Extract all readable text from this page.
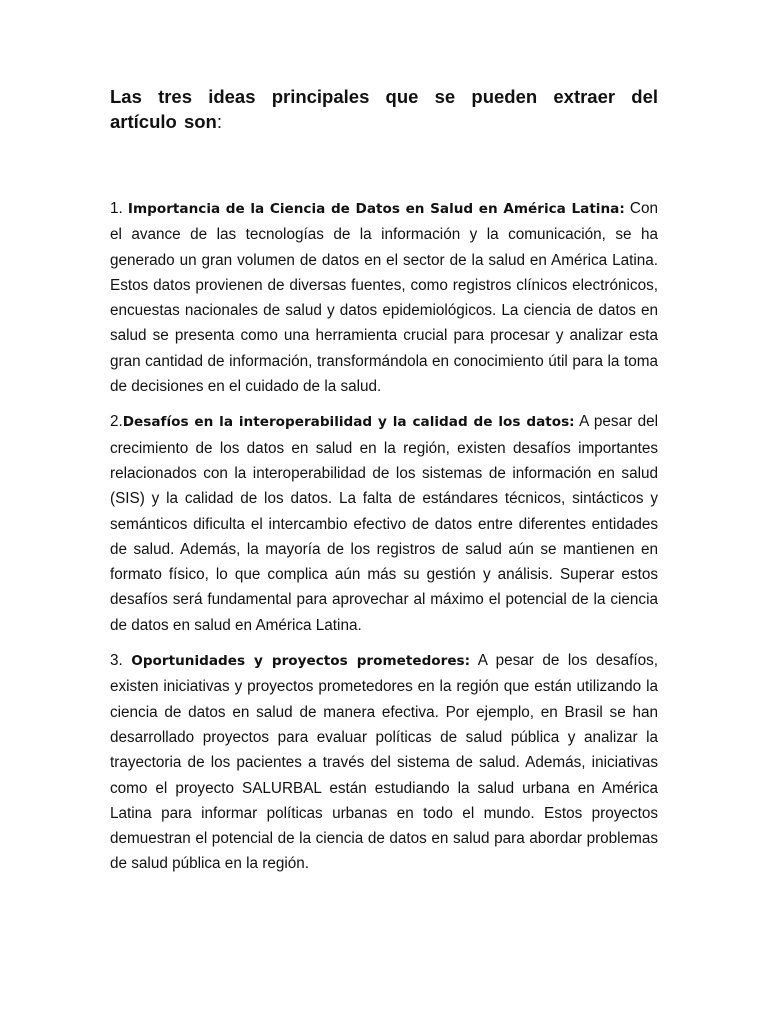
Las tres ideas principales que se pueden extraer del artículo son:

1. Importancia de la Ciencia de Datos en Salud en América Latina: Con el avance de las tecnologías de la información y la comunicación, se ha generado un gran volumen de datos en el sector de la salud en América Latina. Estos datos provienen de diversas fuentes, como registros clínicos electrónicos, encuestas nacionales de salud y datos epidemiológicos. La ciencia de datos en salud se presenta como una herramienta crucial para procesar y analizar esta gran cantidad de información, transformándola en conocimiento útil para la toma de decisiones en el cuidado de la salud.

2.Desafíos en la interoperabilidad y la calidad de los datos: A pesar del crecimiento de los datos en salud en la región, existen desafíos importantes relacionados con la interoperabilidad de los sistemas de información en salud (SIS) y la calidad de los datos. La falta de estándares técnicos, sintácticos y semánticos dificulta el intercambio efectivo de datos entre diferentes entidades de salud. Además, la mayoría de los registros de salud aún se mantienen en formato físico, lo que complica aún más su gestión y análisis. Superar estos desafíos será fundamental para aprovechar al máximo el potencial de la ciencia de datos en salud en América Latina.

3. Oportunidades y proyectos prometedores: A pesar de los desafíos, existen iniciativas y proyectos prometedores en la región que están utilizando la ciencia de datos en salud de manera efectiva. Por ejemplo, en Brasil se han desarrollado proyectos para evaluar políticas de salud pública y analizar la trayectoria de los pacientes a través del sistema de salud. Además, iniciativas como el proyecto SALURBAL están estudiando la salud urbana en América Latina para informar políticas urbanas en todo el mundo. Estos proyectos demuestran el potencial de la ciencia de datos en salud para abordar problemas de salud pública en la región.
